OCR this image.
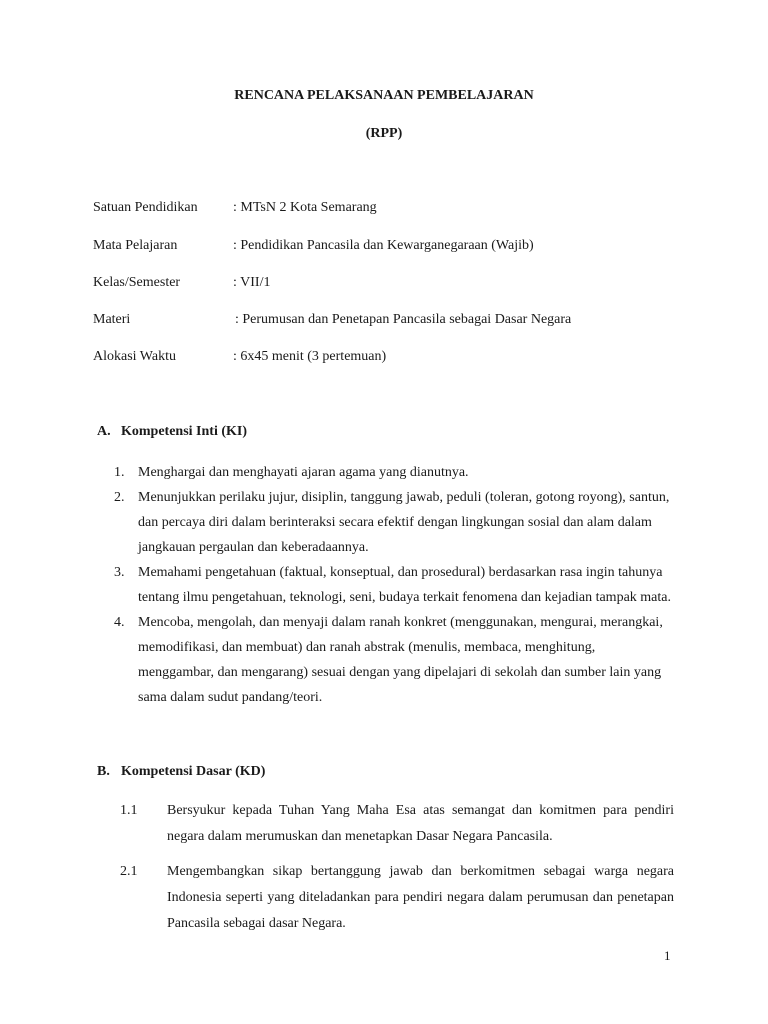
RENCANA PELAKSANAAN PEMBELAJARAN
(RPP)
Satuan Pendidikan	: MTsN 2 Kota Semarang
Mata Pelajaran	: Pendidikan Pancasila dan Kewarganegaraan (Wajib)
Kelas/Semester	: VII/1
Materi	: Perumusan dan Penetapan Pancasila sebagai Dasar Negara
Alokasi Waktu	: 6x45 menit (3 pertemuan)
A. Kompetensi Inti (KI)
1. Menghargai dan menghayati ajaran agama yang dianutnya.
2. Menunjukkan perilaku jujur, disiplin, tanggung jawab, peduli (toleran, gotong royong), santun, dan percaya diri dalam berinteraksi secara efektif dengan lingkungan sosial dan alam dalam jangkauan pergaulan dan keberadaannya.
3. Memahami pengetahuan (faktual, konseptual, dan prosedural) berdasarkan rasa ingin tahunya tentang ilmu pengetahuan, teknologi, seni, budaya terkait fenomena dan kejadian tampak mata.
4. Mencoba, mengolah, dan menyaji dalam ranah konkret (menggunakan, mengurai, merangkai, memodifikasi, dan membuat) dan ranah abstrak (menulis, membaca, menghitung, menggambar, dan mengarang) sesuai dengan yang dipelajari di sekolah dan sumber lain yang sama dalam sudut pandang/teori.
B. Kompetensi Dasar (KD)
1.1 Bersyukur kepada Tuhan Yang Maha Esa atas semangat dan komitmen para pendiri negara dalam merumuskan dan menetapkan Dasar Negara Pancasila.
2.1 Mengembangkan sikap bertanggung jawab dan berkomitmen sebagai warga negara Indonesia seperti yang diteladankan para pendiri negara dalam perumusan dan penetapan Pancasila sebagai dasar Negara.
1
